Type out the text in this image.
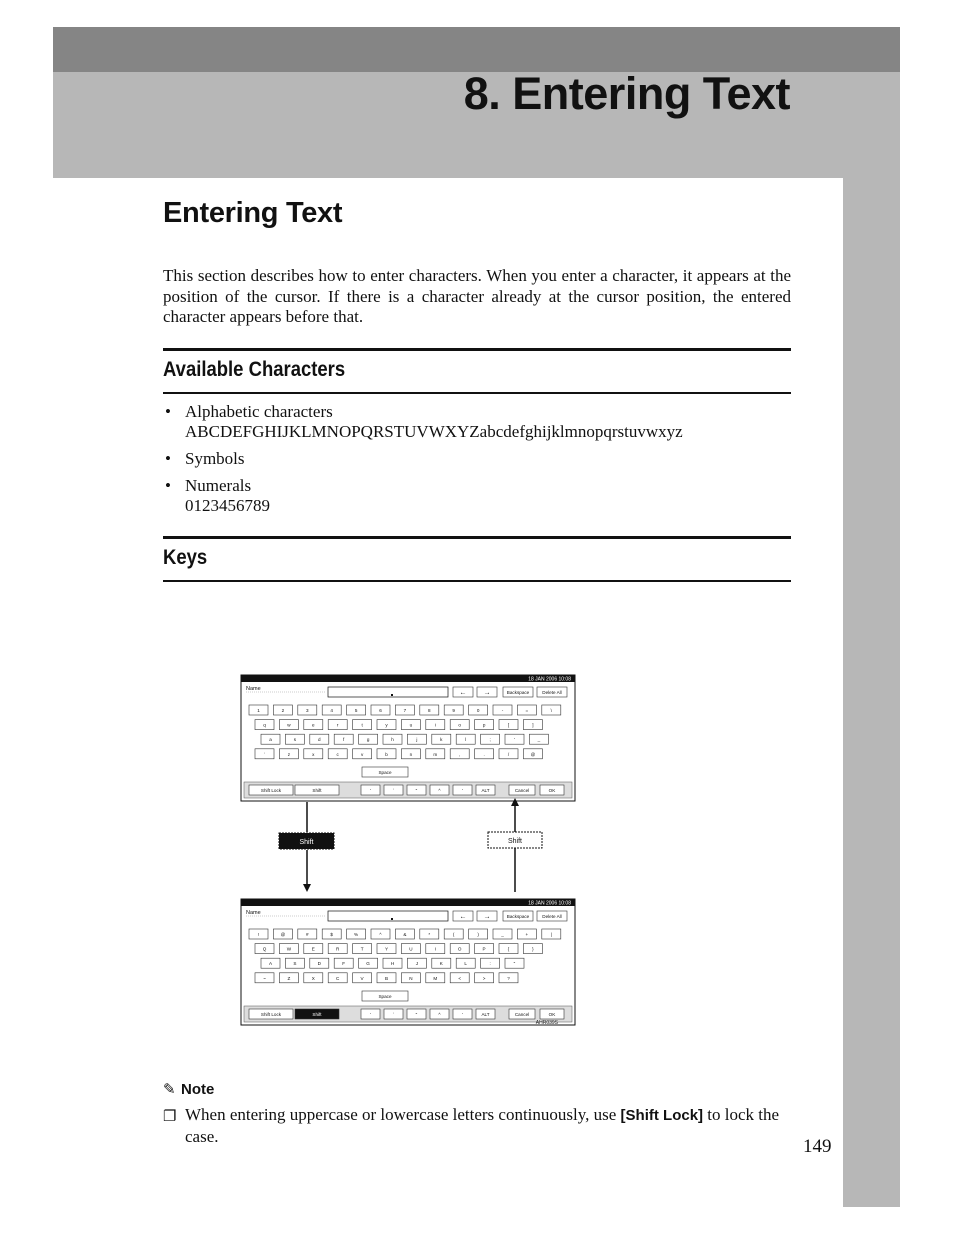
8. Entering Text
Entering Text

This section describes how to enter characters. When you enter a character, it appears at the position of the cursor. If there is a character already at the cursor position, the entered character appears before that.

Available Characters
• Alphabetic characters
ABCDEFGHIJKLMNOPQRSTUVWXYZabcdefghijklmnopqrstuvwxyz
• Symbols
• Numerals
0123456789
Keys
18 JAN 2006 10:08
Name
← →	Backspace	Delete All
1	2	3	4	5	6	7	8	9	0	-	=	\
q	w	e	r	t	y	u	i	o	p	[	]
a	s	d	f	g	h	j	k	l	;	'	_
`	z	x	c	v	b	n	m	,	.	/	@
Space
Shift Lock	Shift	'	`	"	^	'	ALT	Cancel	OK
18 JAN 2006 10:08
Name
← →	Backspace	Delete All
!	@	#	$	%	^	&	*	(	)	_	+	|
Q	W	E	R	T	Y	U	I	O	P	{	}
A	S	D	F	G	H	J	K	L	:	"
~	Z	X	C	V	B	N	M	<	>	?
Space
Shift Lock	Shift	'	`	"	^	'	ALT	Cancel	OK
Shift	Shift
AHR039S
✎ Note
❐ When entering uppercase or lowercase letters continuously, use [Shift Lock] to lock the case.	149
